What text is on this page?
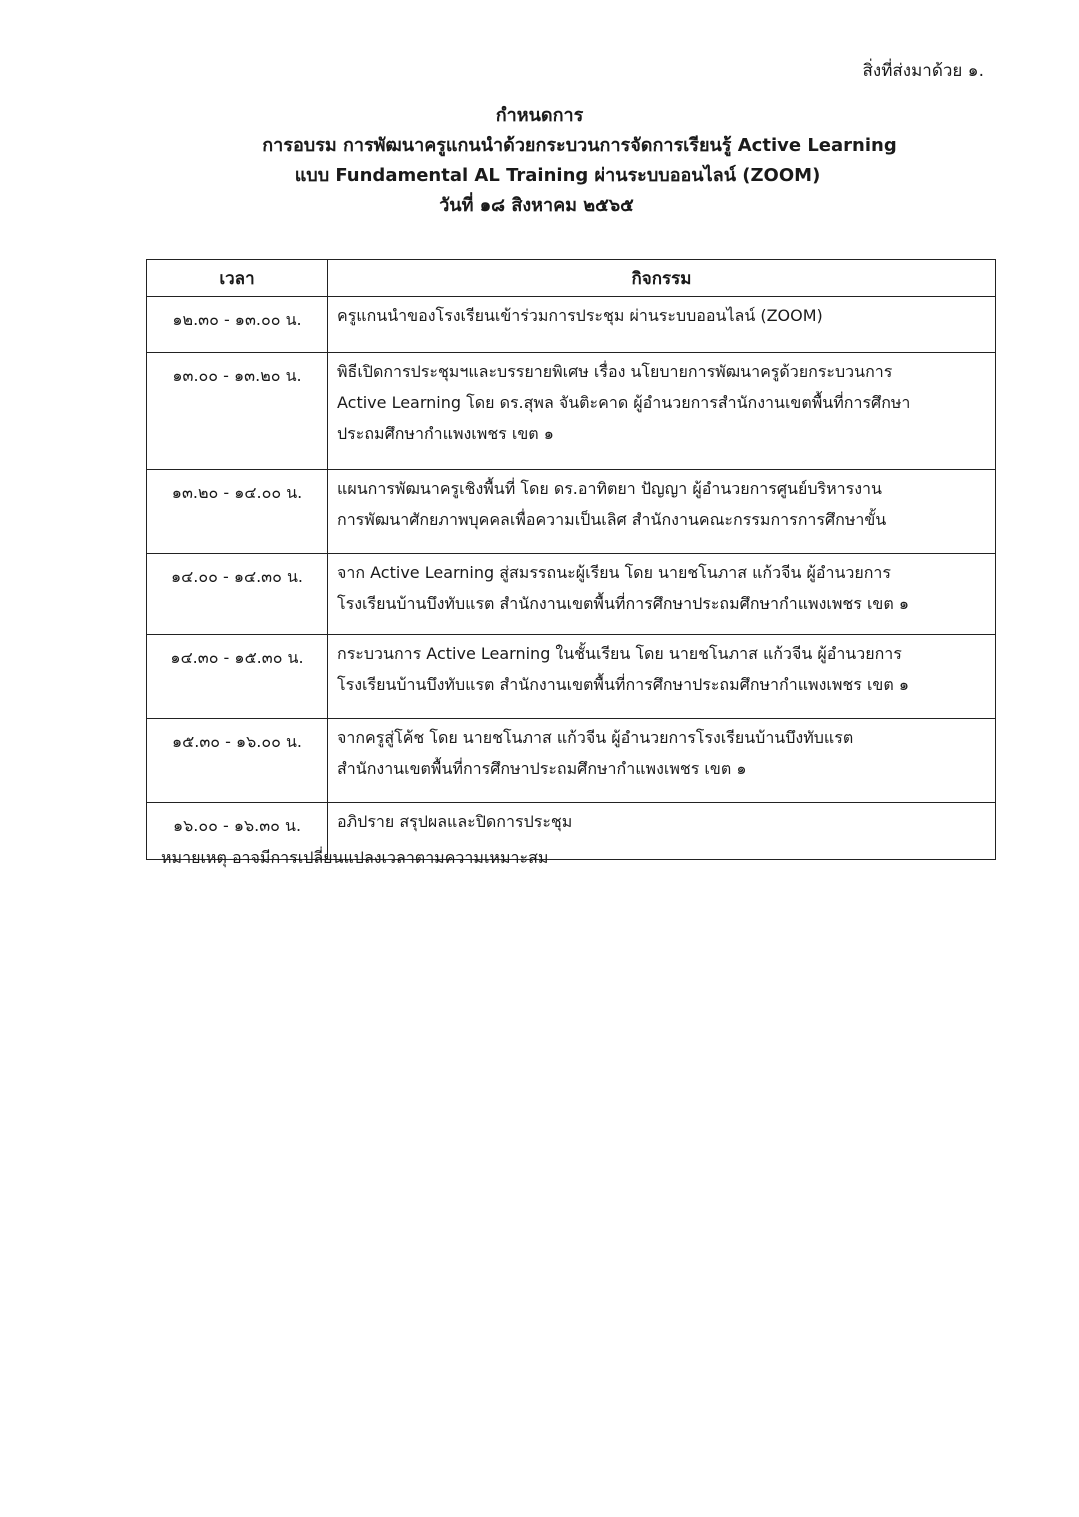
สิ่งที่ส่งมาด้วย ๑.
กำหนดการ
การอบรม การพัฒนาครูแกนนำด้วยกระบวนการจัดการเรียนรู้ Active Learning
แบบ Fundamental AL Training ผ่านระบบออนไลน์ (ZOOM)
วันที่ ๑๘ สิงหาคม ๒๕๖๕
เวลา	กิจกรรม
๑๒.๓๐ - ๑๓.๐๐ น.	ครูแกนนำของโรงเรียนเข้าร่วมการประชุม ผ่านระบบออนไลน์ (ZOOM)

๑๓.๐๐ - ๑๓.๒๐ น.	พิธีเปิดการประชุมฯและบรรยายพิเศษ เรื่อง นโยบายการพัฒนาครูด้วยกระบวนการ
Active Learning โดย ดร.สุพล จันติะคาด ผู้อำนวยการสำนักงานเขตพื้นที่การศึกษา
ประถมศึกษากำแพงเพชร เขต ๑

๑๓.๒๐ - ๑๔.๐๐ น.	แผนการพัฒนาครูเชิงพื้นที่ โดย ดร.อาทิตยา ปัญญา ผู้อำนวยการศูนย์บริหารงาน
การพัฒนาศักยภาพบุคคลเพื่อความเป็นเลิศ สำนักงานคณะกรรมการการศึกษาขั้น

๑๔.๐๐ - ๑๔.๓๐ น.	จาก Active Learning สู่สมรรถนะผู้เรียน โดย นายชโนภาส แก้วจีน ผู้อำนวยการ
โรงเรียนบ้านบึงทับแรต สำนักงานเขตพื้นที่การศึกษาประถมศึกษากำแพงเพชร เขต ๑

๑๔.๓๐ - ๑๕.๓๐ น.	กระบวนการ Active Learning ในชั้นเรียน โดย นายชโนภาส แก้วจีน ผู้อำนวยการ
โรงเรียนบ้านบึงทับแรต สำนักงานเขตพื้นที่การศึกษาประถมศึกษากำแพงเพชร เขต ๑

๑๕.๓๐ - ๑๖.๐๐ น.	จากครูสู่โค้ช โดย นายชโนภาส แก้วจีน ผู้อำนวยการโรงเรียนบ้านบึงทับแรต
สำนักงานเขตพื้นที่การศึกษาประถมศึกษากำแพงเพชร เขต ๑

๑๖.๐๐ - ๑๖.๓๐ น.	อภิปราย สรุปผลและปิดการประชุม
หมายเหตุ อาจมีการเปลี่ยนแปลงเวลาตามความเหมาะสม
